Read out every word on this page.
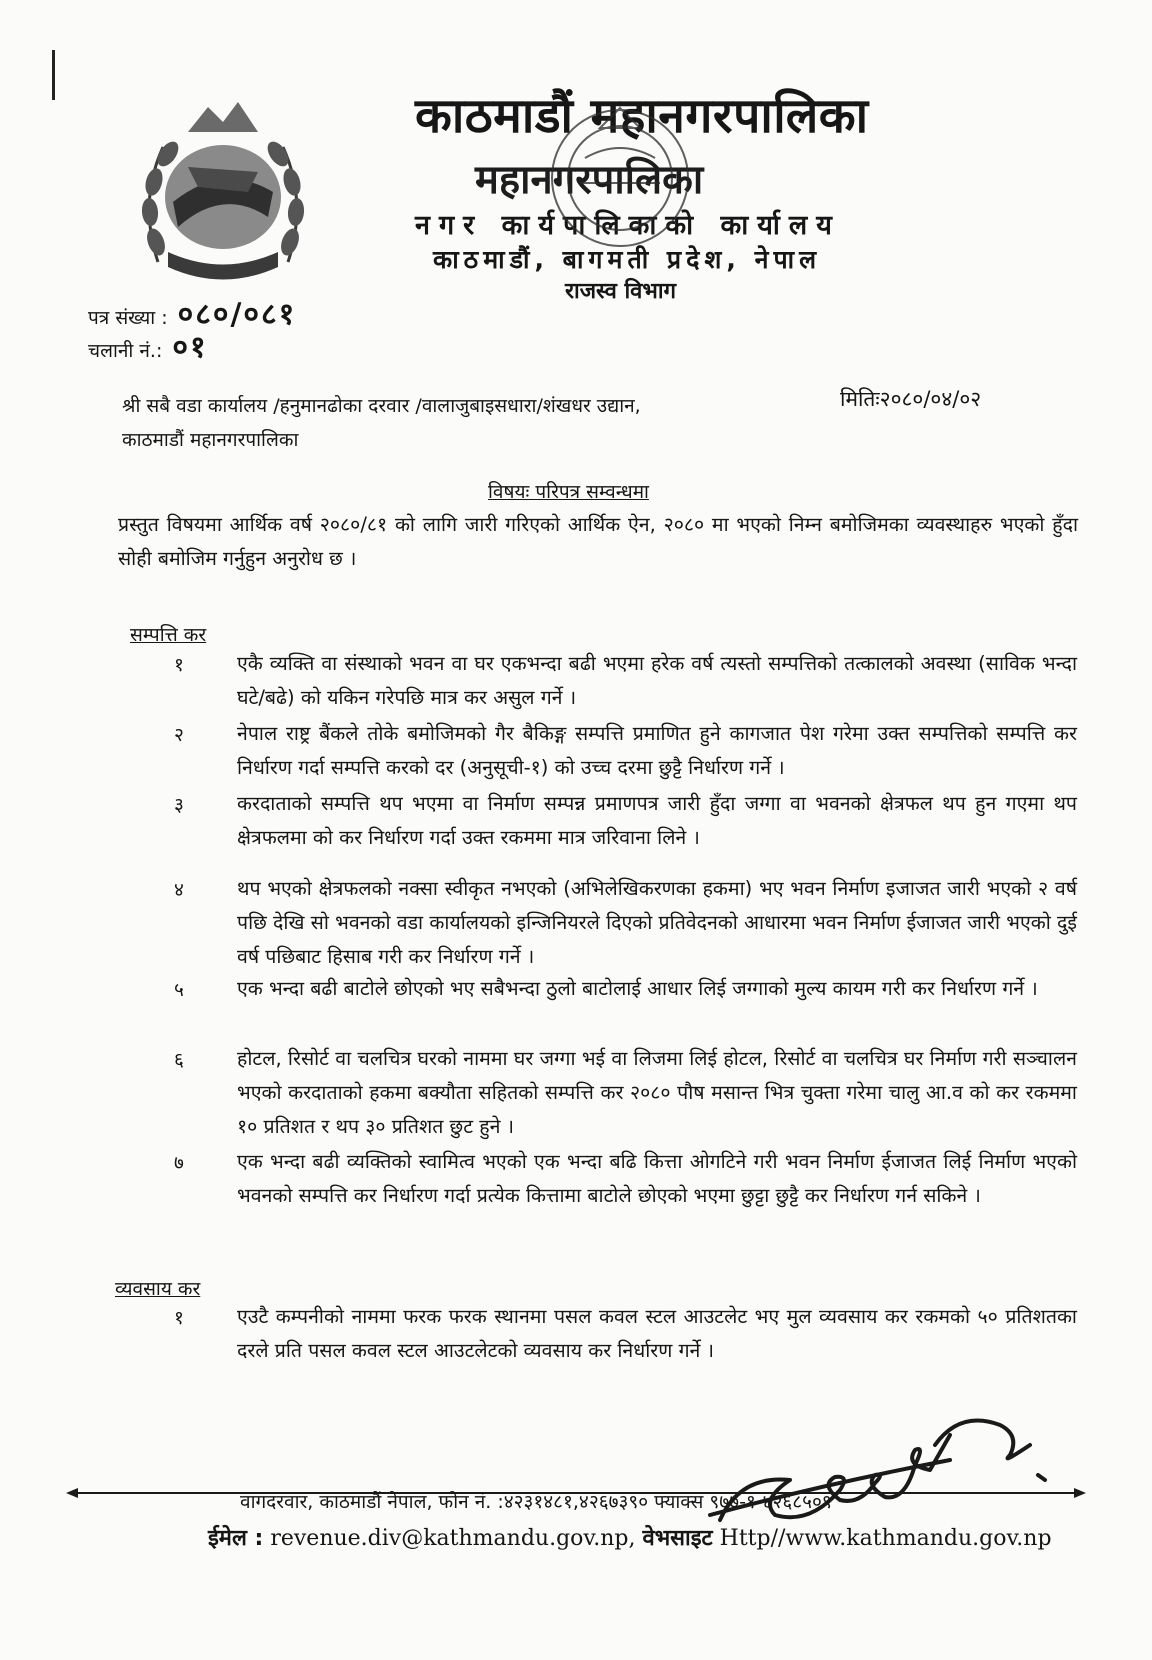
काठमाडौं महानगरपालिका
महानगरपालिका
नगर कार्यपालिकाको कार्यालय
काठमाडौं, बागमती प्रदेश, नेपाल
राजस्व विभाग
पत्र संख्या : ०८०/०८१
चलानी नं.: ०१
श्री सबै वडा कार्यालय /हनुमानढोका दरवार /वालाजुबाइसधारा/शंखधर उद्यान,
काठमाडौं महानगरपालिका
मितिः२०८०/०४/०२
विषयः परिपत्र सम्वन्धमा
प्रस्तुत विषयमा आर्थिक वर्ष २०८०/८१ को लागि जारी गरिएको आर्थिक ऐन, २०८० मा भएको निम्न बमोजिमका व्यवस्थाहरु भएको हुँदा सोही बमोजिम गर्नुहुन अनुरोध छ ।
सम्पत्ति कर
१	एकै व्यक्ति वा संस्थाको भवन वा घर एकभन्दा बढी भएमा हरेक वर्ष त्यस्तो सम्पत्तिको तत्कालको अवस्था (साविक भन्दा घटे/बढे) को यकिन गरेपछि मात्र कर असुल गर्ने ।
२	नेपाल राष्ट्र बैंकले तोके बमोजिमको गैर बैकिङ्ग सम्पत्ति प्रमाणित हुने कागजात पेश गरेमा उक्त सम्पत्तिको सम्पत्ति कर निर्धारण गर्दा सम्पत्ति करको दर (अनुसूची-१) को उच्च दरमा छुट्टै निर्धारण गर्ने ।
३	करदाताको सम्पत्ति थप भएमा वा निर्माण सम्पन्न प्रमाणपत्र जारी हुँदा जग्गा वा भवनको क्षेत्रफल थप हुन गएमा थप क्षेत्रफलमा को कर निर्धारण गर्दा उक्त रकममा मात्र जरिवाना लिने ।
४	थप भएको क्षेत्रफलको नक्सा स्वीकृत नभएको (अभिलेखिकरणका हकमा) भए भवन निर्माण इजाजत जारी भएको २ वर्ष पछि देखि सो भवनको वडा कार्यालयको इन्जिनियरले दिएको प्रतिवेदनको आधारमा भवन निर्माण ईजाजत जारी भएको दुई वर्ष पछिबाट हिसाब गरी कर निर्धारण गर्ने ।
५	एक भन्दा बढी बाटोले छोएको भए सबैभन्दा ठुलो बाटोलाई आधार लिई जग्गाको मुल्य कायम गरी कर निर्धारण गर्ने ।
६	होटल, रिसोर्ट वा चलचित्र घरको नाममा घर जग्गा भई वा लिजमा लिई होटल, रिसोर्ट वा चलचित्र घर निर्माण गरी सञ्चालन भएको करदाताको हकमा बक्यौता सहितको सम्पत्ति कर २०८० पौष मसान्त भित्र चुक्ता गरेमा चालु आ.व को कर रकममा १० प्रतिशत र थप ३० प्रतिशत छुट हुने ।
७	एक भन्दा बढी व्यक्तिको स्वामित्व भएको एक भन्दा बढि कित्ता ओगटिने गरी भवन निर्माण ईजाजत लिई निर्माण भएको भवनको सम्पत्ति कर निर्धारण गर्दा प्रत्येक कित्तामा बाटोले छोएको भएमा छुट्टा छुट्टै कर निर्धारण गर्न सकिने ।
व्यवसाय कर
१	एउटै कम्पनीको नाममा फरक फरक स्थानमा पसल कवल स्टल आउटलेट भए मुल व्यवसाय कर रकमको ५० प्रतिशतका दरले प्रति पसल कवल स्टल आउटलेटको व्यवसाय कर निर्धारण गर्ने ।
वागदरवार, काठमाडौं नेपाल, फोन नं. :४२३१४८१,४२६७३९० फ्याक्स ९७७-१-४२६८५०९
ईमेल : revenue.div@kathmandu.gov.np, वेभसाइट Http//www.kathmandu.gov.np
